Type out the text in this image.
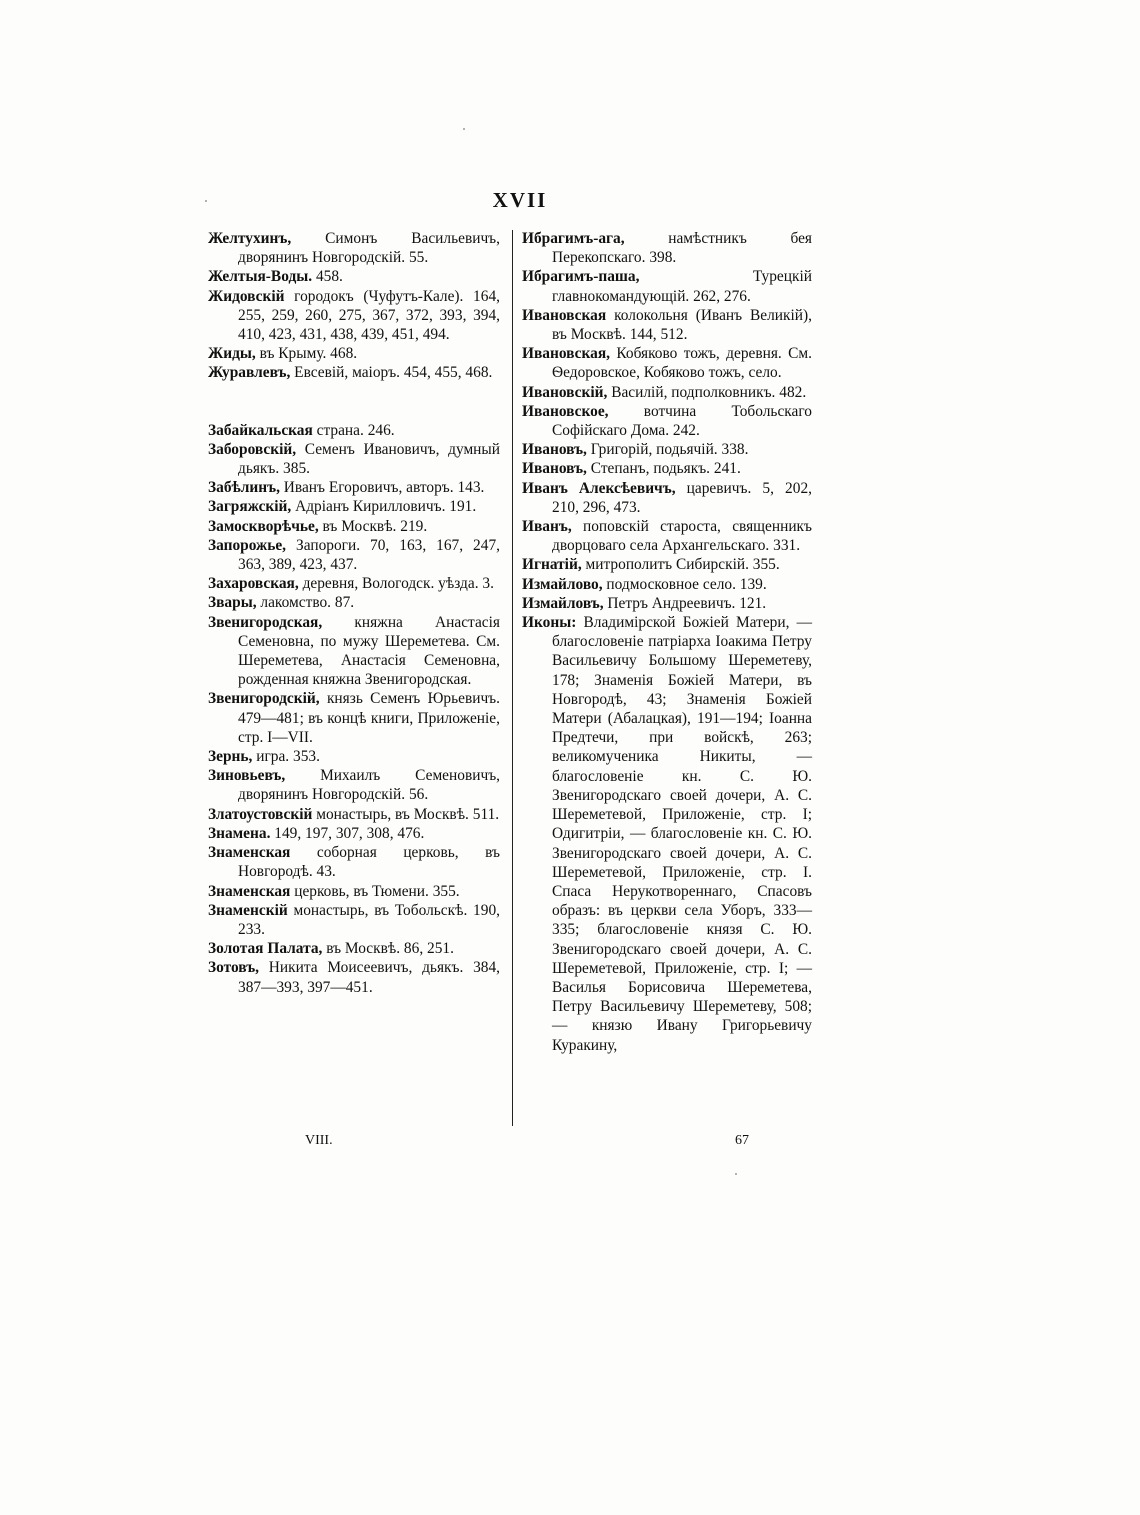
XVII

Желтухинъ, Симонъ Васильевичъ, дворянинъ Новгородскій. 55.

Желтыя-Воды. 458.

Жидовскій городокъ (Чуфутъ-Кале). 164, 255, 259, 260, 275, 367, 372, 393, 394, 410, 423, 431, 438, 439, 451, 494.

Жиды, въ Крыму. 468.

Журавлевъ, Евсевій, маіоръ. 454, 455, 468.

Забайкальская страна. 246.

Заборовскій, Семенъ Ивановичъ, думный дьякъ. 385.

Забѣлинъ, Иванъ Егоровичъ, авторъ. 143.

Загряжскій, Адріанъ Кирилловичъ. 191.

Замоскворѣчье, въ Москвѣ. 219.

Запорожье, Запороги. 70, 163, 167, 247, 363, 389, 423, 437.

Захаровская, деревня, Вологодск. уѣзда. 3.

Звары, лакомство. 87.

Звенигородская, княжна Анастасія Семеновна, по мужу Шереметева. См. Шереметева, Анастасія Семеновна, рожденная княжна Звенигородская.

Звенигородскій, князь Семенъ Юрьевичъ. 479—481; въ концѣ книги, Приложеніе, стр. I—VII.

Зернь, игра. 353.

Зиновьевъ, Михаилъ Семеновичъ, дворянинъ Новгородскій. 56.

Златоустовскій монастырь, въ Москвѣ. 511.

Знамена. 149, 197, 307, 308, 476.

Знаменская соборная церковь, въ Новгородѣ. 43.

Знаменская церковь, въ Тюмени. 355.

Знаменскій монастырь, въ Тобольскѣ. 190, 233.

Золотая Палата, въ Москвѣ. 86, 251.

Зотовъ, Никита Моисеевичъ, дьякъ. 384, 387—393, 397—451.

Ибрагимъ-ага, намѣстникъ бея Перекопскаго. 398.

Ибрагимъ-паша, Турецкій главнокомандующій. 262, 276.

Ивановская колокольня (Иванъ Великій), въ Москвѣ. 144, 512.

Ивановская, Кобяково тожъ, деревня. См. Ѳедоровское, Кобяково тожъ, село.

Ивановскій, Василій, подполковникъ. 482.

Ивановское, вотчина Тобольскаго Софійскаго Дома. 242.

Ивановъ, Григорій, подьячій. 338.

Ивановъ, Степанъ, подьякъ. 241.

Иванъ Алексѣевичъ, царевичъ. 5, 202, 210, 296, 473.

Иванъ, поповскій староста, священникъ дворцоваго села Архангельскаго. 331.

Игнатій, митрополитъ Сибирскій. 355.

Измайлово, подмосковное село. 139.

Измайловъ, Петръ Андреевичъ. 121.

Иконы: Владимірской Божіей Матери, — благословеніе патріарха Іоакима Петру Васильевичу Большому Шереметеву, 178; Знаменія Божіей Матери, въ Новгородѣ, 43; Знаменія Божіей Матери (Абалацкая), 191—194; Іоанна Предтечи, при войскѣ, 263; великомученика Никиты, — благословеніе кн. С. Ю. Звенигородскаго своей дочери, А. С. Шереметевой, Приложеніе, стр. I; Одигитріи, — благословеніе кн. С. Ю. Звенигородскаго своей дочери, А. С. Шереметевой, Приложеніе, стр. I. Спаса Нерукотвореннаго, Спасовъ образъ: въ церкви села Уборъ, 333—335; благословеніе князя С. Ю. Звенигородскаго своей дочери, А. С. Шереметевой, Приложеніе, стр. I; — Василья Борисовича Шереметева, Петру Васильевичу Шереметеву, 508; — князю Ивану Григорьевичу Куракину,

VIII.	67
